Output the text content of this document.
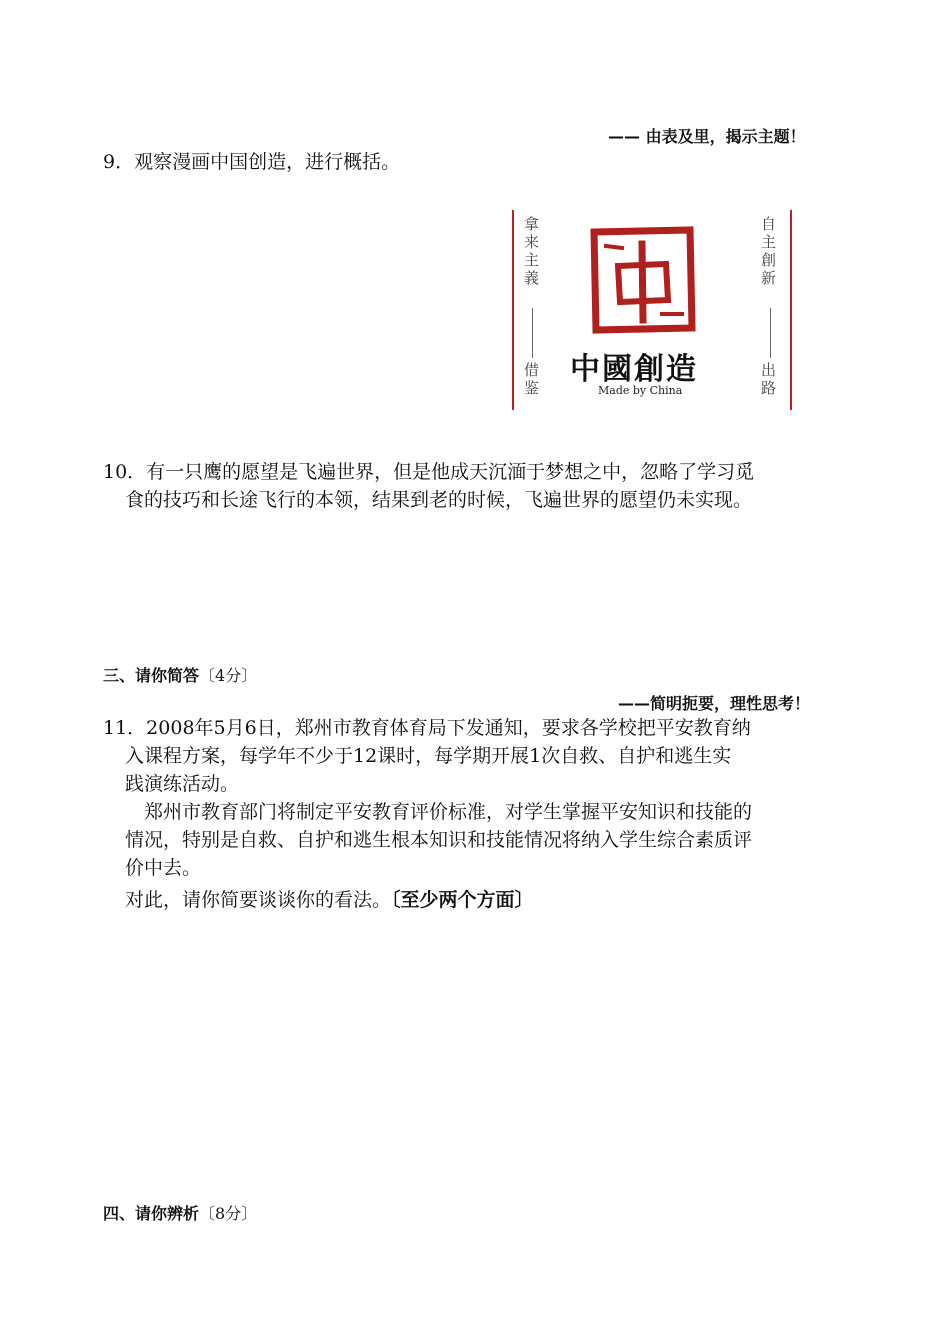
—— 由表及里，揭示主题！
9．观察漫画中国创造，进行概括。
拿来主義
借鉴
自主創新
出路
中國創造
Made by China
10．有一只鹰的愿望是飞遍世界，但是他成天沉湎于梦想之中，忽略了学习觅
食的技巧和长途飞行的本领，结果到老的时候，飞遍世界的愿望仍未实现。
三、请你简答〔4分〕
——简明扼要，理性思考！
11．2008年5月6日，郑州市教育体育局下发通知，要求各学校把平安教育纳
入课程方案，每学年不少于12课时，每学期开展1次自救、自护和逃生实
践演练活动。
郑州市教育部门将制定平安教育评价标准，对学生掌握平安知识和技能的
情况，特别是自救、自护和逃生根本知识和技能情况将纳入学生综合素质评
价中去。
对此，请你简要谈谈你的看法。〔至少两个方面〕
四、请你辨析〔8分〕
